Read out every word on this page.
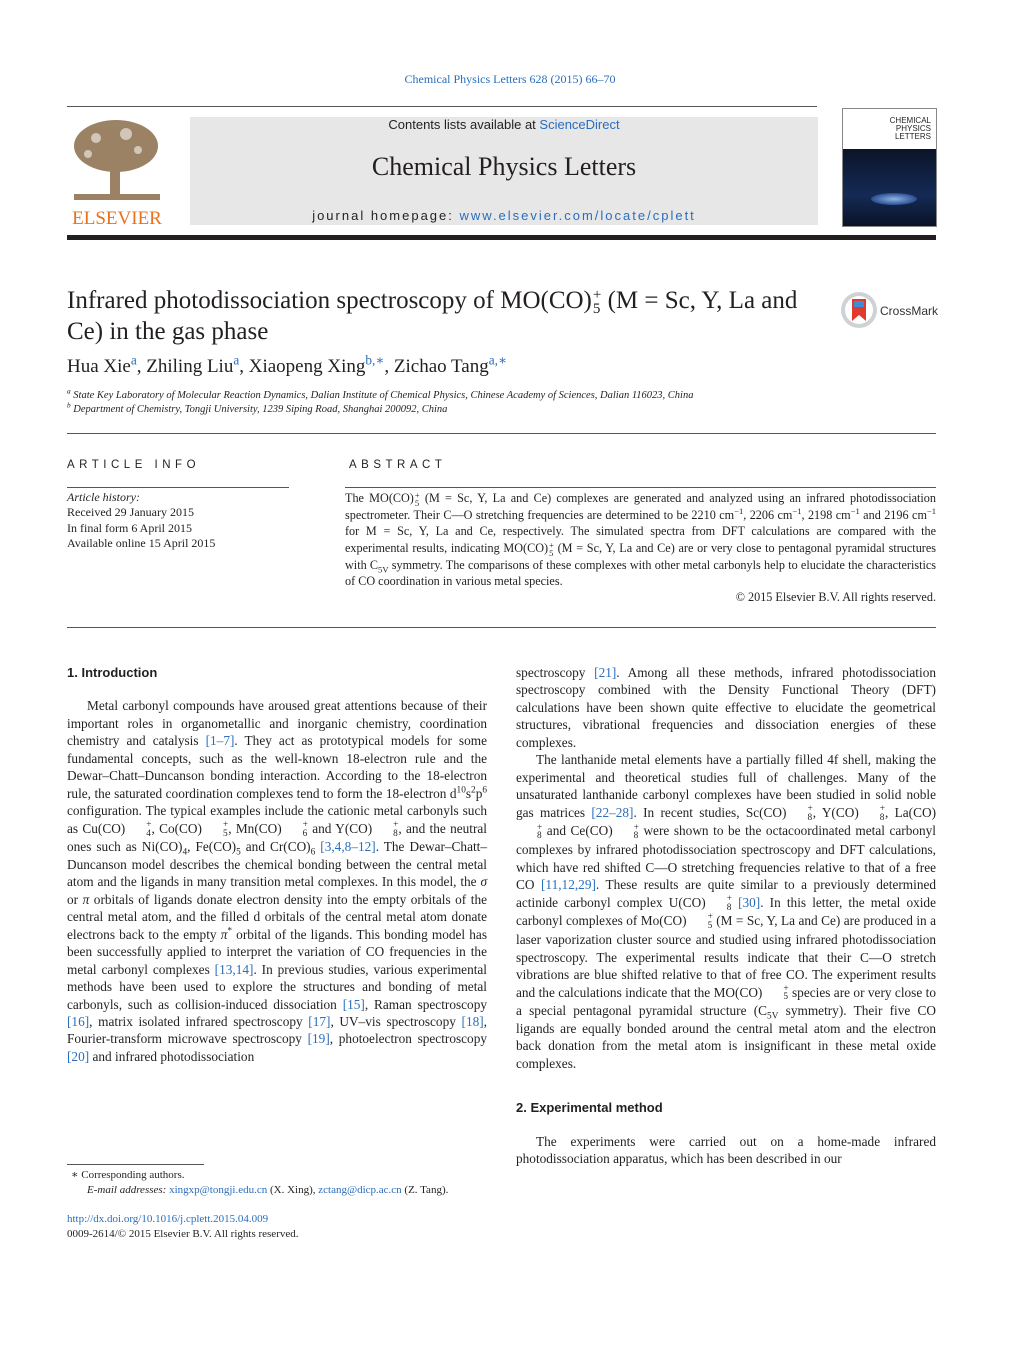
Chemical Physics Letters 628 (2015) 66–70
ELSEVIER
Contents lists available at ScienceDirect
Chemical Physics Letters
journal homepage: www.elsevier.com/locate/cplett
CHEMICAL
PHYSICS
LETTERS
Infrared photodissociation spectroscopy of MO(CO) +
5 (M = Sc, Y, La and
Ce) in the gas phase
CrossMark
Hua Xie$^a$, Zhiling Liu$^a$, Xiaopeng Xing$^{b,∗}$, Zichao Tang$^{a,∗}$
$^a$ State Key Laboratory of Molecular Reaction Dynamics, Dalian Institute of Chemical Physics, Chinese Academy of Sciences, Dalian 116023, China
$^b$ Department of Chemistry, Tongji University, 1239 Siping Road, Shanghai 200092, China
ARTICLE INFO
Article history:
Received 29 January 2015
In final form 6 April 2015
Available online 15 April 2015
ABSTRACT
The MO(CO) +
5 (M = Sc, Y, La and Ce) complexes are generated and analyzed using an infrared photodissociation spectrometer. Their C—O stretching frequencies are determined to be 2210 $cm^{-1}$, 2206 $cm^{-1}$, 2198 $cm^{-1}$ and 2196 $cm^{-1}$ for M = Sc, Y, La and Ce, respectively. The simulated spectra from DFT calculations are compared with the experimental results, indicating MO(CO) +
5 (M = Sc, Y, La and Ce) are or very close to pentagonal pyramidal structures with $C_{5V}$ symmetry. The comparisons of these complexes with other metal carbonyls help to elucidate the characteristics of CO coordination in various metal species.
© 2015 Elsevier B.V. All rights reserved.

1. Introduction

Metal carbonyl compounds have aroused great attentions because of their important roles in organometallic and inorganic chemistry, coordination chemistry and catalysis [1–7]. They act as prototypical models for some fundamental concepts, such as the well-known 18-electron rule and the Dewar–Chatt–Duncanson bonding interaction. According to the 18-electron rule, the saturated coordination complexes tend to form the 18-electron $d^{10}s^2p^6$ configuration. The typical examples include the cationic metal carbonyls such as Cu(CO)	+
4 , Co(CO)	+
5 , Mn(CO)	+
6 and Y(CO)	+
8 , and the neutral ones such as $Ni(CO)_4$, $Fe(CO)_5$ and $Cr(CO)_6$ [3,4,8–12]. The Dewar–Chatt–Duncanson model describes the chemical bonding between the central metal atom and the ligands in many transition metal complexes. In this model, the σ or π orbitals of ligands donate electron density into the empty orbitals of the central metal atom, and the filled d orbitals of the central metal atom donate electrons back to the empty π* orbital of the ligands. This bonding model has been successfully applied to interpret the variation of CO frequencies in the metal carbonyl complexes [13,14]. In previous studies, various experimental methods have been used to explore the structures and bonding of metal carbonyls, such as collision-induced dissociation [15], Raman spectroscopy [16], matrix isolated infrared spectroscopy [17], UV–vis spectroscopy [18], Fourier-transform microwave spectroscopy [19], photoelectron spectroscopy [20] and infrared photodissociation

∗ Corresponding authors.
E-mail addresses: xingxp@tongji.edu.cn (X. Xing), zctang@dicp.ac.cn (Z. Tang).
http://dx.doi.org/10.1016/j.cplett.2015.04.009
0009-2614/© 2015 Elsevier B.V. All rights reserved.

spectroscopy [21]. Among all these methods, infrared photodissociation spectroscopy combined with the Density Functional Theory (DFT) calculations have been shown quite effective to elucidate the geometrical structures, vibrational frequencies and dissociation energies of these complexes.

The lanthanide metal elements have a partially filled 4f shell, making the experimental and theoretical studies full of challenges. Many of the unsaturated lanthanide carbonyl complexes have been studied in solid noble gas matrices [22–28]. In recent studies, Sc(CO)	+
8 , Y(CO)	+
8 , La(CO)
+
8 and Ce(CO)	+
8 were shown to be the octacoordinated metal carbonyl complexes by infrared photodissociation spectroscopy and DFT calculations, which have red shifted C—O stretching frequencies relative to that of a free CO [11,12,29]. These results are quite similar to a previously determined actinide carbonyl complex U(CO)	+
8 [30]. In this letter, the metal oxide carbonyl complexes of Mo(CO)	+
5 (M = Sc, Y, La and Ce) are produced in a laser vaporization cluster source and studied using infrared photodissociation spectroscopy. The experimental results indicate that their C—O stretch vibrations are blue shifted relative to that of free CO. The experiment results and the calculations indicate that the MO(CO)	+
5 species are or very close to a special pentagonal pyramidal structure ($C_{5V}$ symmetry). Their five CO ligands are equally bonded around the central metal atom and the electron back donation from the metal atom is insignificant in these metal oxide complexes.

2. Experimental method

The experiments were carried out on a home-made infrared photodissociation apparatus, which has been described in our
